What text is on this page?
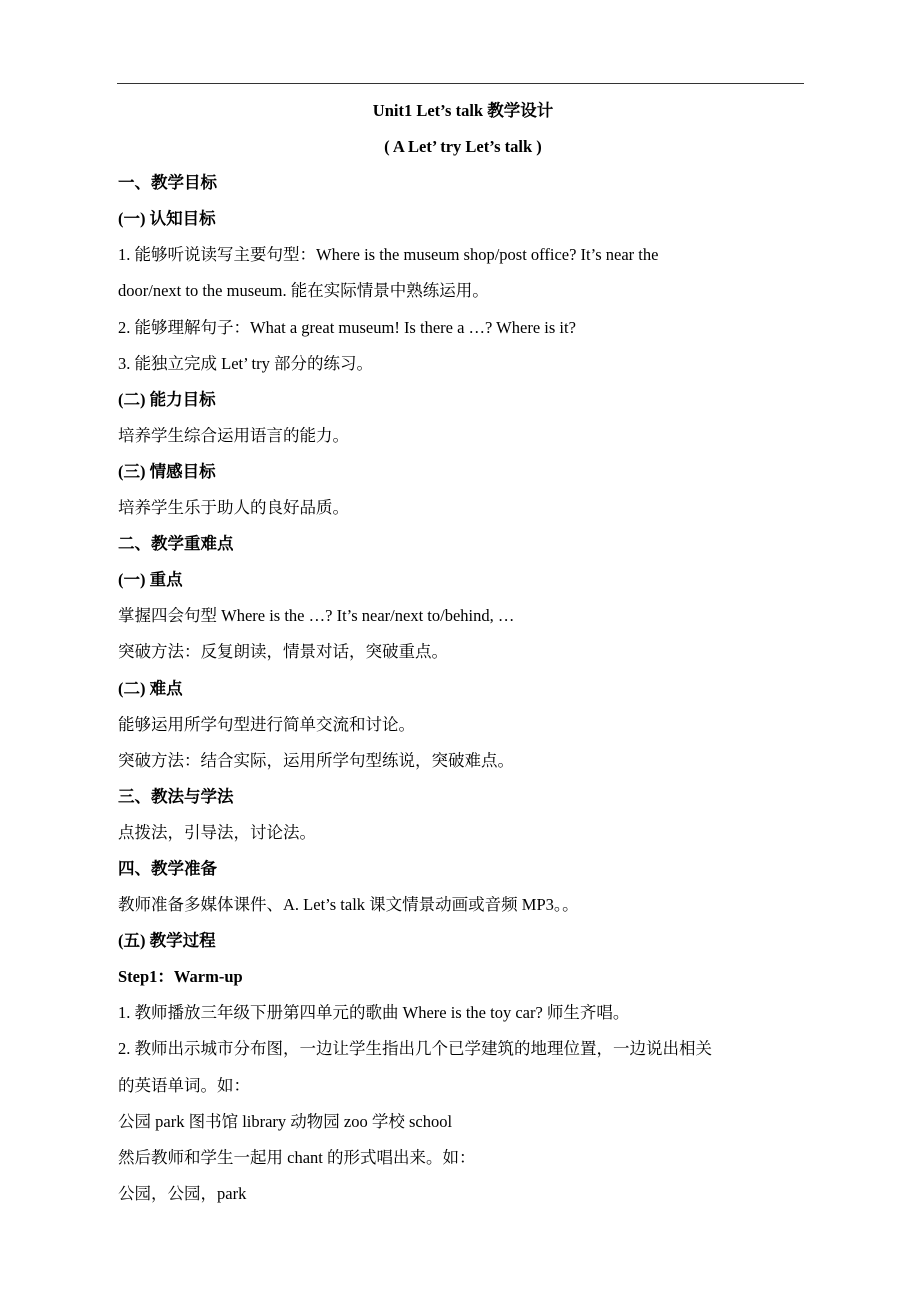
Unit1 Let’s talk 教学设计
( A Let’ try Let’s talk )
一、教学目标
(一) 认知目标
1. 能够听说读写主要句型：Where is the museum shop/post office? It’s near the
door/next to the museum. 能在实际情景中熟练运用。
2. 能够理解句子：What a great museum! Is there a …? Where is it?
3. 能独立完成 Let’ try 部分的练习。
(二) 能力目标
培养学生综合运用语言的能力。
(三) 情感目标
培养学生乐于助人的良好品质。
二、教学重难点
(一) 重点
掌握四会句型 Where is the …? It’s near/next to/behind, …
突破方法：反复朗读，情景对话，突破重点。
(二) 难点
能够运用所学句型进行简单交流和讨论。
突破方法：结合实际，运用所学句型练说，突破难点。
三、教法与学法
点拨法，引导法，讨论法。
四、教学准备
教师准备多媒体课件、A. Let’s talk 课文情景动画或音频 MP3。。
(五) 教学过程
Step1：Warm-up
1. 教师播放三年级下册第四单元的歌曲 Where is the toy car? 师生齐唱。
2. 教师出示城市分布图，一边让学生指出几个已学建筑的地理位置，一边说出相关
的英语单词。如：
公园 park 图书馆 library 动物园 zoo 学校 school
然后教师和学生一起用 chant 的形式唱出来。如：
公园，公园，park
